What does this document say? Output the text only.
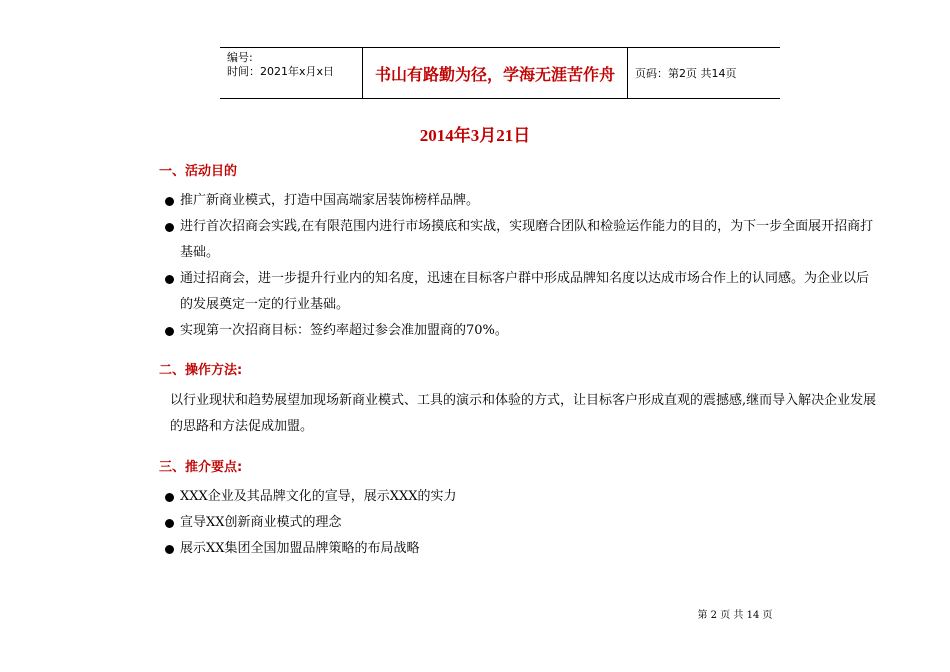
编号:
时间：2021年x月x日	书山有路勤为径，学海无涯苦作舟	页码：第2页 共14页
2014年3月21日
一、活动目的
推广新商业模式，打造中国高端家居装饰榜样品牌。
进行首次招商会实践,在有限范围内进行市场摸底和实战，实现磨合团队和检验运作能力的目的，为下一步全面展开招商打基础。
通过招商会，进一步提升行业内的知名度，迅速在目标客户群中形成品牌知名度以达成市场合作上的认同感。为企业以后的发展奠定一定的行业基础。
实现第一次招商目标：签约率超过参会准加盟商的70%。
二、操作方法:

以行业现状和趋势展望加现场新商业模式、工具的演示和体验的方式，让目标客户形成直观的震撼感,继而导入解决企业发展的思路和方法促成加盟。

三、推介要点:
XXX企业及其品牌文化的宣导，展示XXX的实力
宣导XX创新商业模式的理念
展示XX集团全国加盟品牌策略的布局战略
第 2 页 共 14 页
